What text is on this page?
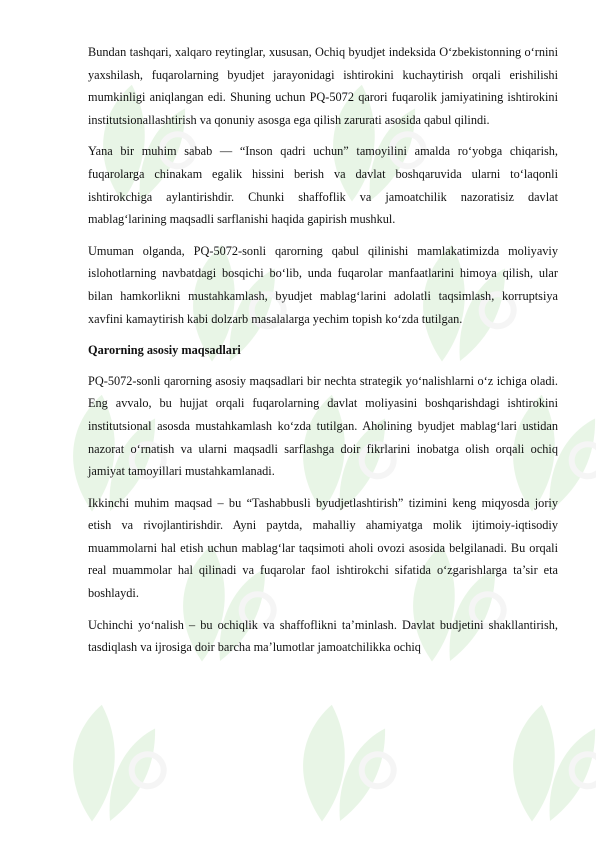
Bundan tashqari, xalqaro reytinglar, xususan, Ochiq byudjet indeksida O‘zbekistonning o‘rnini yaxshilash, fuqarolarning byudjet jarayonidagi ishtirokini kuchaytirish orqali erishilishi mumkinligi aniqlangan edi. Shuning uchun PQ-5072 qarori fuqarolik jamiyatining ishtirokini institutsionallashtirish va qonuniy asosga ega qilish zarurati asosida qabul qilindi.

Yana bir muhim sabab — “Inson qadri uchun” tamoyilini amalda ro‘yobga chiqarish, fuqarolarga chinakam egalik hissini berish va davlat boshqaruvida ularni to‘laqonli ishtirokchiga aylantirishdir. Chunki shaffoflik va jamoatchilik nazoratisiz davlat mablag‘larining maqsadli sarflanishi haqida gapirish mushkul.

Umuman olganda, PQ-5072-sonli qarorning qabul qilinishi mamlakatimizda moliyaviy islohotlarning navbatdagi bosqichi bo‘lib, unda fuqarolar manfaatlarini himoya qilish, ular bilan hamkorlikni mustahkamlash, byudjet mablag‘larini adolatli taqsimlash, korruptsiya xavfini kamaytirish kabi dolzarb masalalarga yechim topish ko‘zda tutilgan.

Qarorning asosiy maqsadlari

PQ-5072-sonli qarorning asosiy maqsadlari bir nechta strategik yo‘nalishlarni o‘z ichiga oladi. Eng avvalo, bu hujjat orqali fuqarolarning davlat moliyasini boshqarishdagi ishtirokini institutsional asosda mustahkamlash ko‘zda tutilgan. Aholining byudjet mablag‘lari ustidan nazorat o‘rnatish va ularni maqsadli sarflashga doir fikrlarini inobatga olish orqali ochiq jamiyat tamoyillari mustahkamlanadi.

Ikkinchi muhim maqsad – bu “Tashabbusli byudjetlashtirish” tizimini keng miqyosda joriy etish va rivojlantirishdir. Ayni paytda, mahalliy ahamiyatga molik ijtimoiy-iqtisodiy muammolarni hal etish uchun mablag‘lar taqsimoti aholi ovozi asosida belgilanadi. Bu orqali real muammolar hal qilinadi va fuqarolar faol ishtirokchi sifatida o‘zgarishlarga ta’sir eta boshlaydi.

Uchinchi yo‘nalish – bu ochiqlik va shaffoflikni ta’minlash. Davlat budjetini shakllantirish, tasdiqlash va ijrosiga doir barcha ma’lumotlar jamoatchilikka ochiq
